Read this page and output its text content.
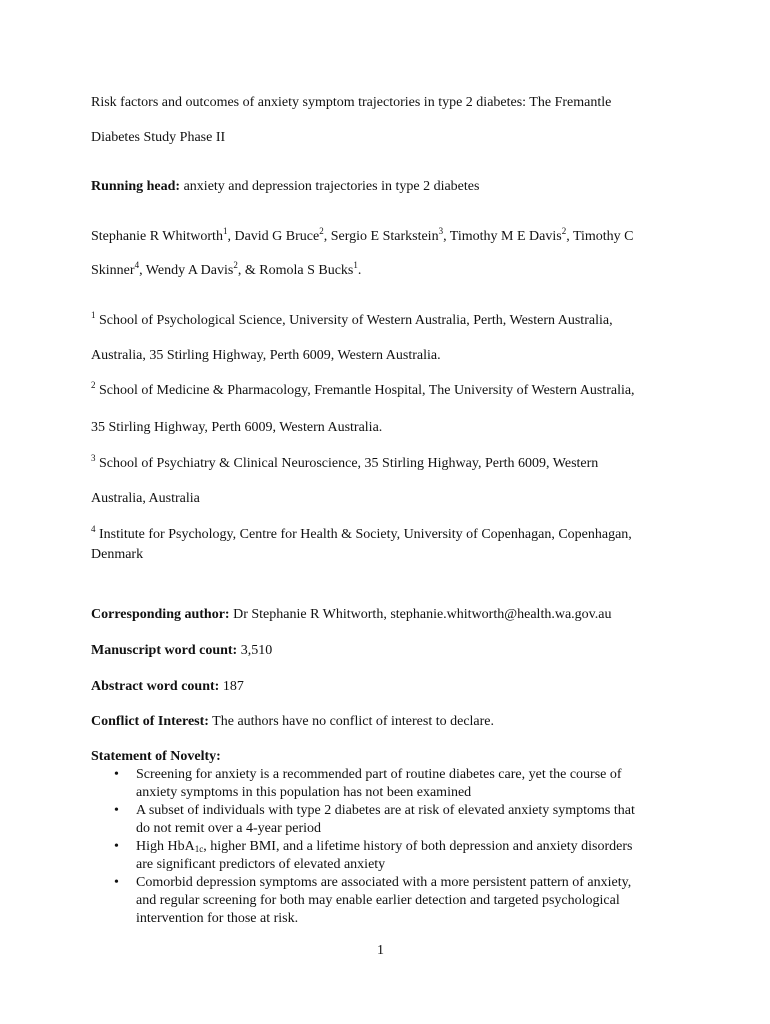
Risk factors and outcomes of anxiety symptom trajectories in type 2 diabetes: The Fremantle
Diabetes Study Phase II
Running head: anxiety and depression trajectories in type 2 diabetes
Stephanie R Whitworth$^1$, David G Bruce$^2$, Sergio E Starkstein$^3$, Timothy M E Davis$^2$, Timothy C
Skinner$^4$, Wendy A Davis$^2$, & Romola S Bucks$^1$.
$^1$ School of Psychological Science, University of Western Australia, Perth, Western Australia,
Australia, 35 Stirling Highway, Perth 6009, Western Australia.
$^2$ School of Medicine & Pharmacology, Fremantle Hospital, The University of Western Australia,
35 Stirling Highway, Perth 6009, Western Australia.
$^3$ School of Psychiatry & Clinical Neuroscience, 35 Stirling Highway, Perth 6009, Western
Australia, Australia
$^4$ Institute for Psychology, Centre for Health & Society, University of Copenhagan, Copenhagan,
Denmark
Corresponding author: Dr Stephanie R Whitworth, stephanie.whitworth@health.wa.gov.au
Manuscript word count: 3,510
Abstract word count: 187
Conflict of Interest: The authors have no conflict of interest to declare.
Statement of Novelty:
• Screening for anxiety is a recommended part of routine diabetes care, yet the course of
anxiety symptoms in this population has not been examined
• A subset of individuals with type 2 diabetes are at risk of elevated anxiety symptoms that
do not remit over a 4-year period
• High HbA$_{1c}$, higher BMI, and a lifetime history of both depression and anxiety disorders
are significant predictors of elevated anxiety
• Comorbid depression symptoms are associated with a more persistent pattern of anxiety,
and regular screening for both may enable earlier detection and targeted psychological
intervention for those at risk.
1
